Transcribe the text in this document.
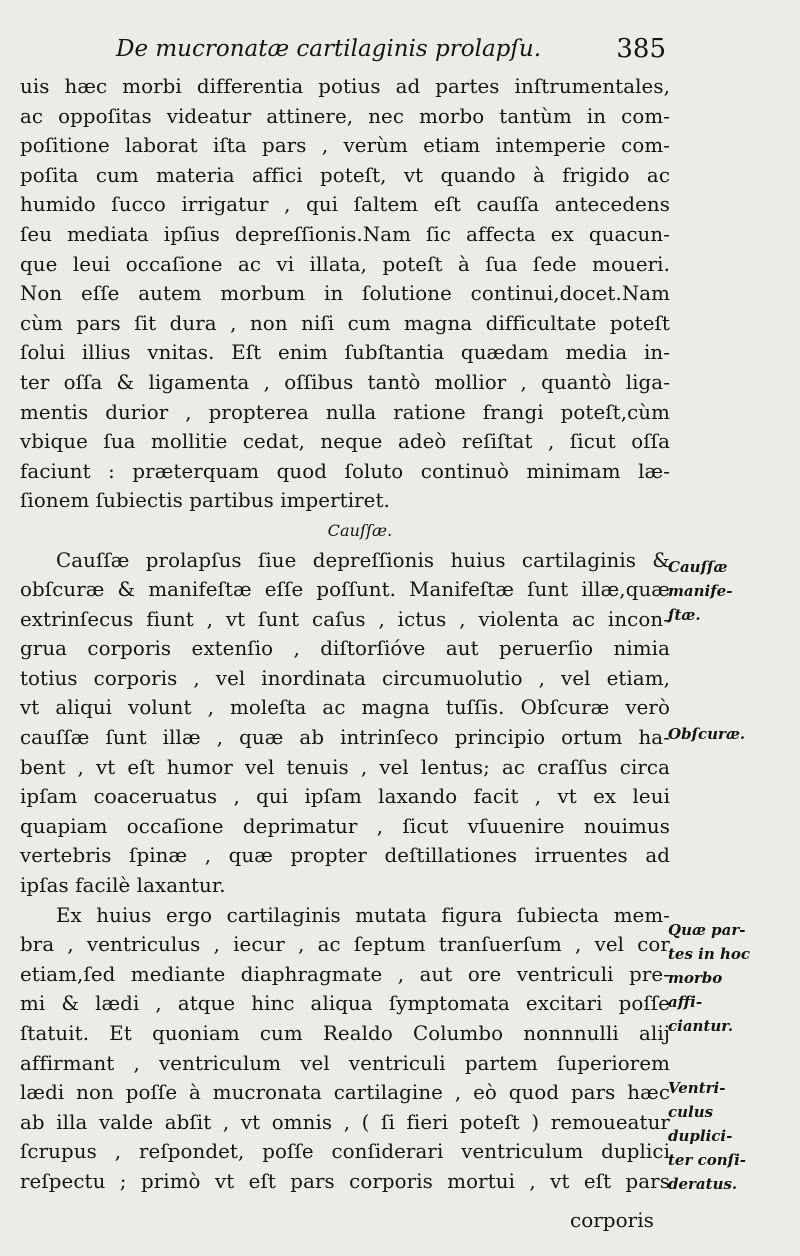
De mucronatæ cartilaginis prolapſu.	385
uis hæc morbi differentia potius ad partes inſtrumentales,
ac oppoſitas videatur attinere, nec morbo tantùm in com-
poſitione laborat iſta pars , verùm etiam intemperie com-
poſita cum materia affici poteſt, vt quando à frigido ac
humido ſucco irrigatur , qui ſaltem eſt cauſſa antecedens
ſeu mediata ipſius depreſſionis.Nam ſic affecta ex quacun-
que leui occaſione ac vi illata, poteſt à ſua ſede moueri.
Non eſſe autem morbum in ſolutione continui,docet.Nam
cùm pars ſit dura , non niſi cum magna difficultate poteſt
ſolui illius vnitas. Eſt enim ſubſtantia quædam media in-
ter oſſa & ligamenta , oſſibus tantò mollior , quantò liga-
mentis durior , propterea nulla ratione frangi poteſt,cùm
vbique ſua mollitie cedat, neque adeò reſiſtat , ſicut oſſa
faciunt : præterquam quod ſoluto continuò minimam læ-
ſionem ſubiectis partibus impertiret.
Cauſſæ.
Cauſſæ prolapſus ſiue depreſſionis huius cartilaginis &
obſcuræ & manifeſtæ eſſe poſſunt. Manifeſtæ ſunt illæ,quæ
extrinſecus fiunt , vt ſunt caſus , ictus , violenta ac incon-
grua corporis extenſio , diſtorſióve aut peruerſio nimia
totius corporis , vel inordinata circumuolutio , vel etiam,
vt aliqui volunt , moleſta ac magna tuſſis. Obſcuræ verò
cauſſæ ſunt illæ , quæ ab intrinſeco principio ortum ha-
bent , vt eſt humor vel tenuis , vel lentus; ac craſſus circa
ipſam coaceruatus , qui ipſam laxando facit , vt ex leui
quapiam occaſione deprimatur , ſicut vſuuenire nouimus
vertebris ſpinæ , quæ propter deſtillationes irruentes ad
ipſas facilè laxantur.
Ex huius ergo cartilaginis mutata figura ſubiecta mem-
bra , ventriculus , iecur , ac ſeptum tranſuerſum , vel cor
etiam,ſed mediante diaphragmate , aut ore ventriculi pre-
mi & lædi , atque hinc aliqua ſymptomata excitari poſſe
ſtatuit. Et quoniam cum Realdo Columbo nonnnulli alij
affirmant , ventriculum vel ventriculi partem ſuperiorem
lædi non poſſe à mucronata cartilagine , eò quod pars hæc
ab illa valde abſit , vt omnis , ( ſi fieri poteſt ) remoueatur
ſcrupus , reſpondet, poſſe conſiderari ventriculum duplici
reſpectu ; primò vt eſt pars corporis mortui , vt eſt pars
corporis
Cauſſæ
manife-
ſtæ.
Obſcuræ.
Quæ par-
tes in hoc
morbo
affi-
ciantur.
Ventri-
culus
duplici-
ter conſi-
deratus.
